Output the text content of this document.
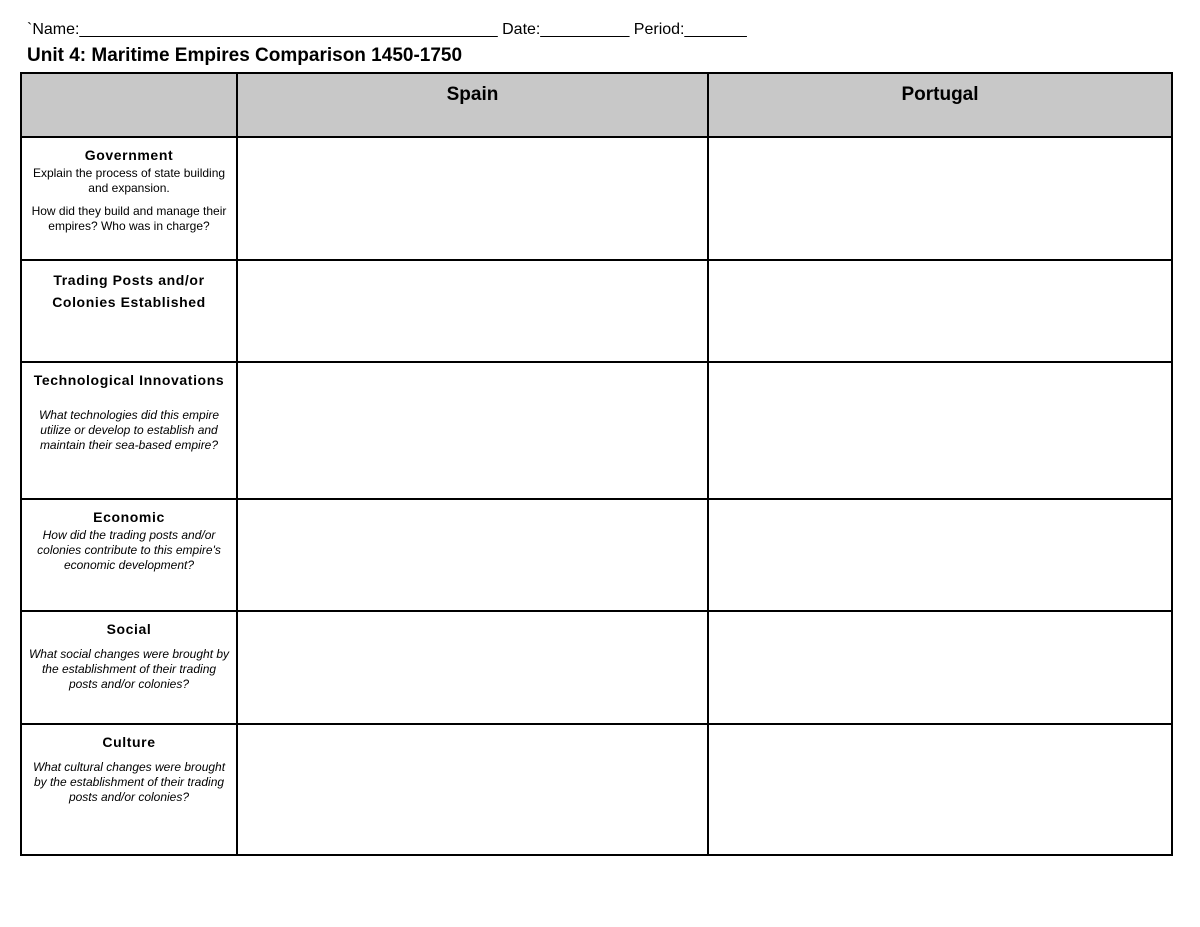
`Name:_______________________________________________ Date:__________ Period:_______
Unit 4: Maritime Empires Comparison 1450-1750
	Spain	Portugal

Government
Explain the process of state building and expansion.
How did they build and manage their empires? Who was in charge?		

Trading Posts and/or Colonies Established		

Technological Innovations
What technologies did this empire utilize or develop to establish and maintain their sea-based empire?		

Economic
How did the trading posts and/or colonies contribute to this empire's economic development?		

Social
What social changes were brought by the establishment of their trading posts and/or colonies?		

Culture
What cultural changes were brought by the establishment of their trading posts and/or colonies?		
